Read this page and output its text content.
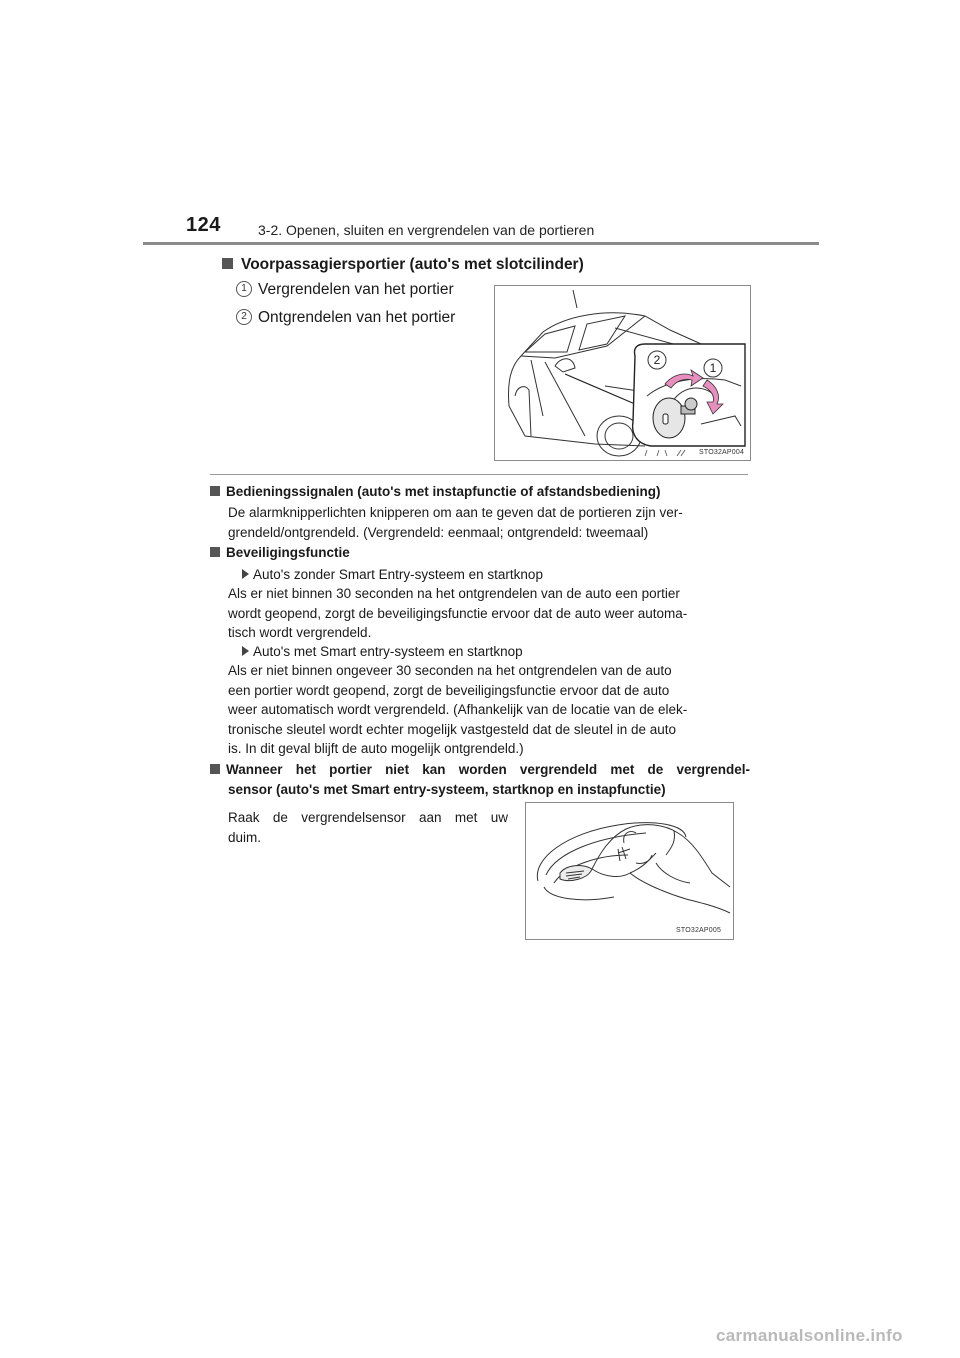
124	3-2. Openen, sluiten en vergrendelen van de portieren
Voorpassagiersportier (auto's met slotcilinder)
1 Vergrendelen van het portier
2 Ontgrendelen van het portier
2
1
STO32AP004
Bedieningssignalen (auto's met instapfunctie of afstandsbediening)
De alarmknipperlichten knipperen om aan te geven dat de portieren zijn ver-
grendeld/ontgrendeld. (Vergrendeld: eenmaal; ontgrendeld: tweemaal)
Beveiligingsfunctie
Auto's zonder Smart Entry-systeem en startknop
Als er niet binnen 30 seconden na het ontgrendelen van de auto een portier
wordt geopend, zorgt de beveiligingsfunctie ervoor dat de auto weer automa-
tisch wordt vergrendeld.
Auto's met Smart entry-systeem en startknop
Als er niet binnen ongeveer 30 seconden na het ontgrendelen van de auto
een portier wordt geopend, zorgt de beveiligingsfunctie ervoor dat de auto
weer automatisch wordt vergrendeld. (Afhankelijk van de locatie van de elek-
tronische sleutel wordt echter mogelijk vastgesteld dat de sleutel in de auto
is. In dit geval blijft de auto mogelijk ontgrendeld.)
Wanneer het portier niet kan worden vergrendeld met de vergrendel-
sensor (auto's met Smart entry-systeem, startknop en instapfunctie)
Raak de vergrendelsensor aan met uw
duim.
STO32AP005
carmanualsonline.info
